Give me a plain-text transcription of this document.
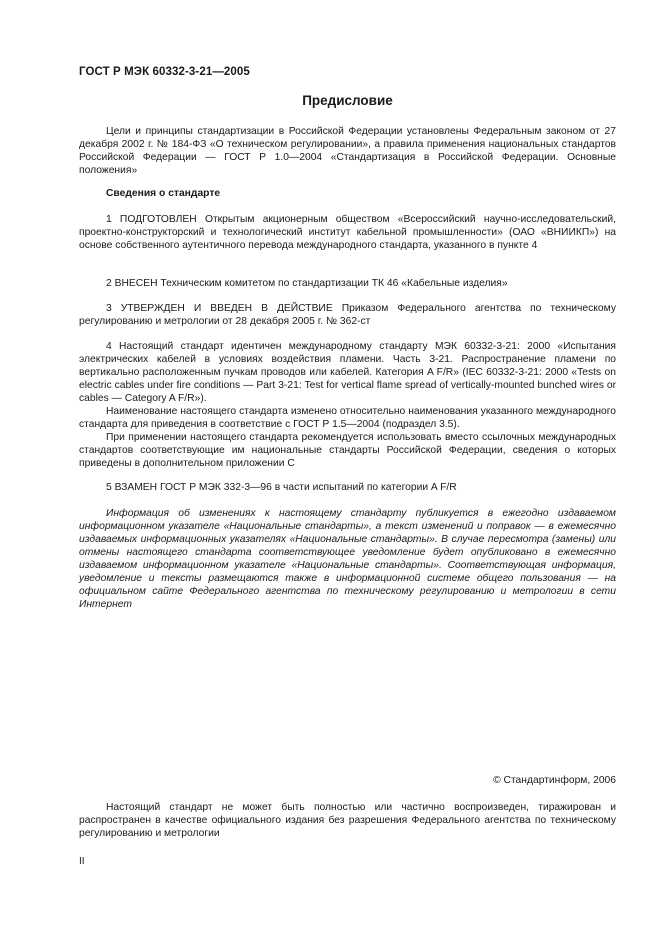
ГОСТ Р МЭК 60332-3-21—2005
Предисловие

Цели и принципы стандартизации в Российской Федерации установлены Федеральным законом от 27 декабря 2002 г. № 184-ФЗ «О техническом регулировании», а правила применения национальных стандартов Российской Федерации — ГОСТ Р 1.0—2004 «Стандартизация в Российской Федерации. Основные положения»

Сведения о стандарте

1 ПОДГОТОВЛЕН Открытым акционерным обществом «Всероссийский научно-исследовательский, проектно-конструкторский и технологический институт кабельной промышленности» (ОАО «ВНИИКП») на основе собственного аутентичного перевода международного стандарта, указанного в пункте 4

2 ВНЕСЕН Техническим комитетом по стандартизации ТК 46 «Кабельные изделия»

3 УТВЕРЖДЕН И ВВЕДЕН В ДЕЙСТВИЕ Приказом Федерального агентства по техническому регулированию и метрологии от 28 декабря 2005 г. № 362-ст

4 Настоящий стандарт идентичен международному стандарту МЭК 60332-3-21: 2000 «Испытания электрических кабелей в условиях воздействия пламени. Часть 3-21. Распространение пламени по вертикально расположенным пучкам проводов или кабелей. Категория A F/R» (IEC 60332-3-21: 2000 «Tests on electric cables under fire conditions — Part 3-21: Test for vertical flame spread of vertically-mounted bunched wires or cables — Category A F/R»).

Наименование настоящего стандарта изменено относительно наименования указанного международного стандарта для приведения в соответствие с ГОСТ Р 1.5—2004 (подраздел 3.5).

При применении настоящего стандарта рекомендуется использовать вместо ссылочных международных стандартов соответствующие им национальные стандарты Российской Федерации, сведения о которых приведены в дополнительном приложении С

5 ВЗАМЕН ГОСТ Р МЭК 332-3—96 в части испытаний по категории A F/R

Информация об изменениях к настоящему стандарту публикуется в ежегодно издаваемом информационном указателе «Национальные стандарты», а текст изменений и поправок — в ежемесячно издаваемых информационных указателях «Национальные стандарты». В случае пересмотра (замены) или отмены настоящего стандарта соответствующее уведомление будет опубликовано в ежемесячно издаваемом информационном указателе «Национальные стандарты». Соответствующая информация, уведомление и тексты размещаются также в информационной системе общего пользования — на официальном сайте Федерального агентства по техническому регулированию и метрологии в сети Интернет

© Стандартинформ, 2006

Настоящий стандарт не может быть полностью или частично воспроизведен, тиражирован и распространен в качестве официального издания без разрешения Федерального агентства по техническому регулированию и метрологии

II
